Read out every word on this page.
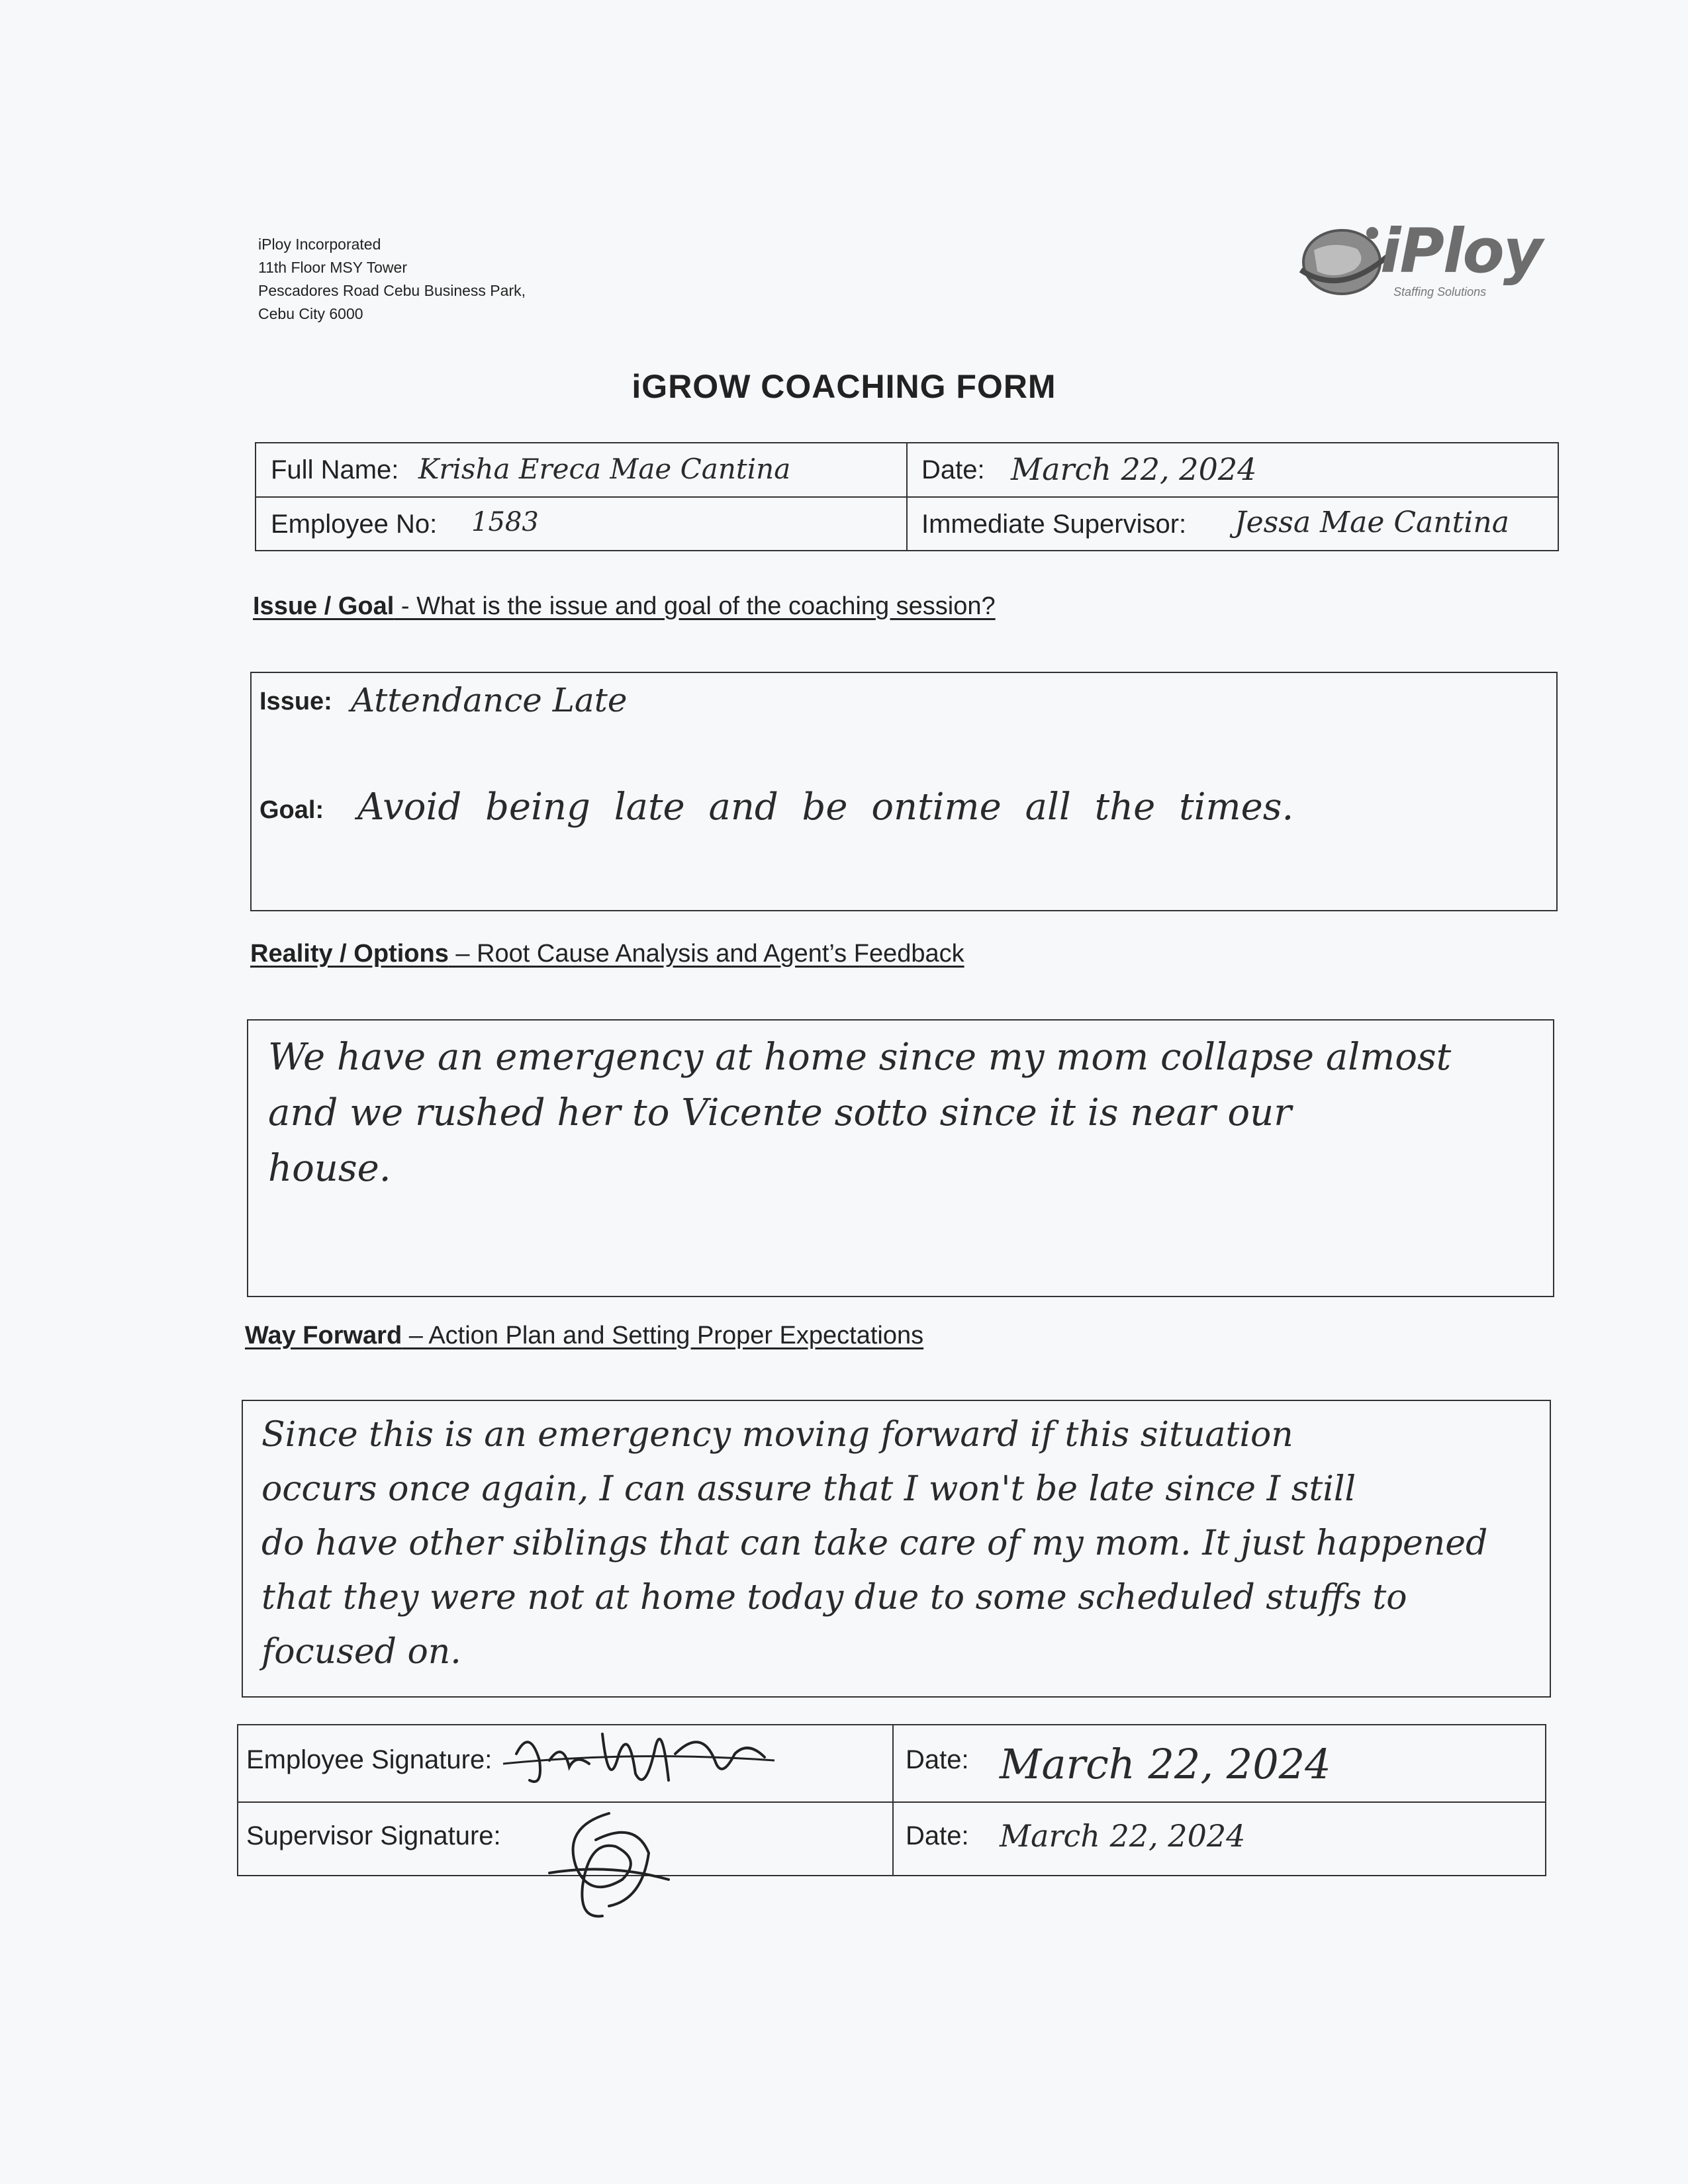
iPloy Incorporated
11th Floor MSY Tower
Pescadores Road Cebu Business Park,
Cebu City 6000
iPloy
Staffing Solutions
iGROW COACHING FORM
Full Name: Krisha Ereca Mae Cantina	Date: March 22, 2024
Employee No: 1583	Immediate Supervisor: Jessa Mae Cantina
Issue / Goal - What is the issue and goal of the coaching session?
Issue: Attendance Late
Goal: Avoid being late and be ontime all the times.
Reality / Options – Root Cause Analysis and Agent’s Feedback
We have an emergency at home since my mom collapse almost
and we rushed her to Vicente sotto since it is near our
house.
Way Forward – Action Plan and Setting Proper Expectations
Since this is an emergency moving forward if this situation
occurs once again, I can assure that I won't be late since I still
do have other siblings that can take care of my mom. It just happened
that they were not at home today due to some scheduled stuffs to
focused on.
Employee Signature:	Date: March 22, 2024
Supervisor Signature:	Date: March 22, 2024
